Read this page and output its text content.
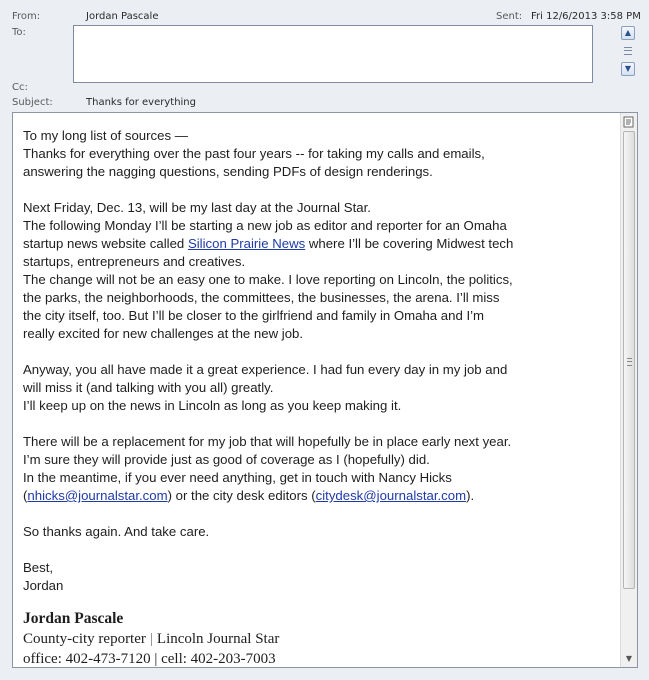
From:	Jordan Pascale	Sent: Fri 12/6/2013 3:58 PM
To:	▲
▼
Cc:
Subject:	Thanks for everything
To my long list of sources —
Thanks for everything over the past four years -- for taking my calls and emails,
answering the nagging questions, sending PDFs of design renderings.
Next Friday, Dec. 13, will be my last day at the Journal Star.
The following Monday I’ll be starting a new job as editor and reporter for an Omaha
startup news website called Silicon Prairie News where I’ll be covering Midwest tech
startups, entrepreneurs and creatives.
The change will not be an easy one to make. I love reporting on Lincoln, the politics,
the parks, the neighborhoods, the committees, the businesses, the arena. I’ll miss
the city itself, too. But I’ll be closer to the girlfriend and family in Omaha and I’m
really excited for new challenges at the new job.
Anyway, you all have made it a great experience. I had fun every day in my job and
will miss it (and talking with you all) greatly.
I’ll keep up on the news in Lincoln as long as you keep making it.
There will be a replacement for my job that will hopefully be in place early next year.
I’m sure they will provide just as good of coverage as I (hopefully) did.
In the meantime, if you ever need anything, get in touch with Nancy Hicks
(nhicks@journalstar.com) or the city desk editors (citydesk@journalstar.com).
So thanks again. And take care.
Best,
Jordan
Jordan Pascale
County-city reporter | Lincoln Journal Star
office: 402-473-7120 | cell: 402-203-7003	▼
